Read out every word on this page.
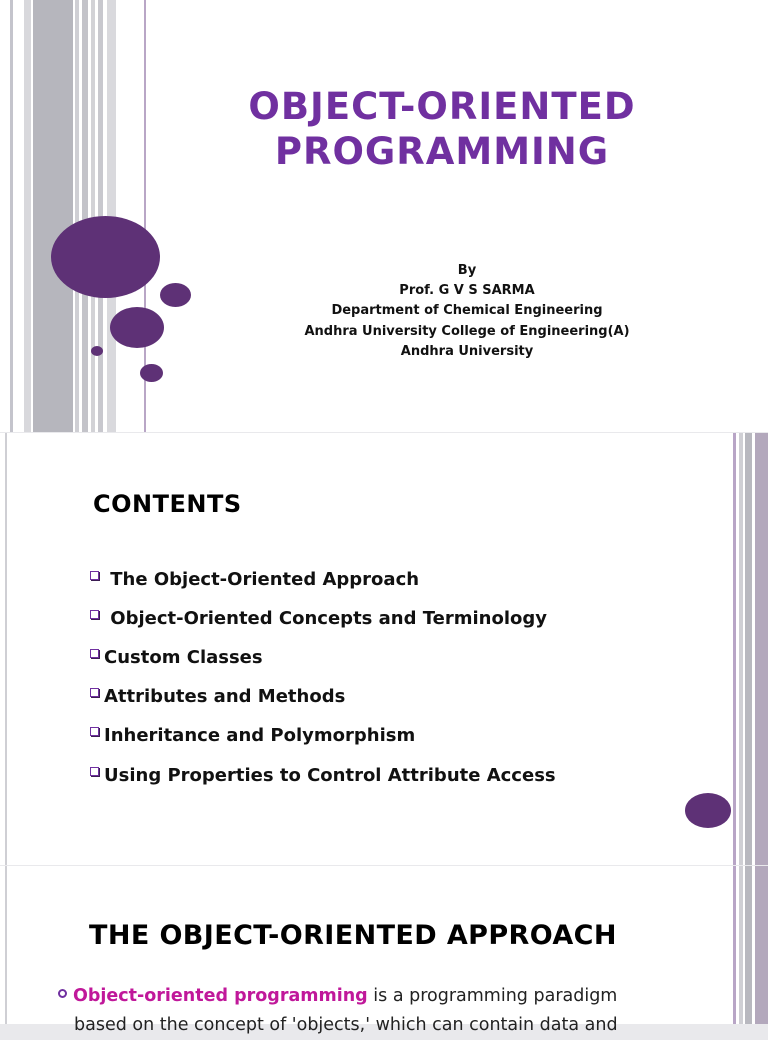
OBJECT-ORIENTED
PROGRAMMING
By
Prof. G V S SARMA
Department of Chemical Engineering
Andhra University College of Engineering(A)
Andhra University
CONTENTS
The Object-Oriented Approach
Object-Oriented Concepts and Terminology
Custom Classes
Attributes and Methods
Inheritance and Polymorphism
Using Properties to Control Attribute Access
THE OBJECT-ORIENTED APPROACH
Object-oriented programming is a programming paradigm
based on the concept of 'objects,' which can contain data and
